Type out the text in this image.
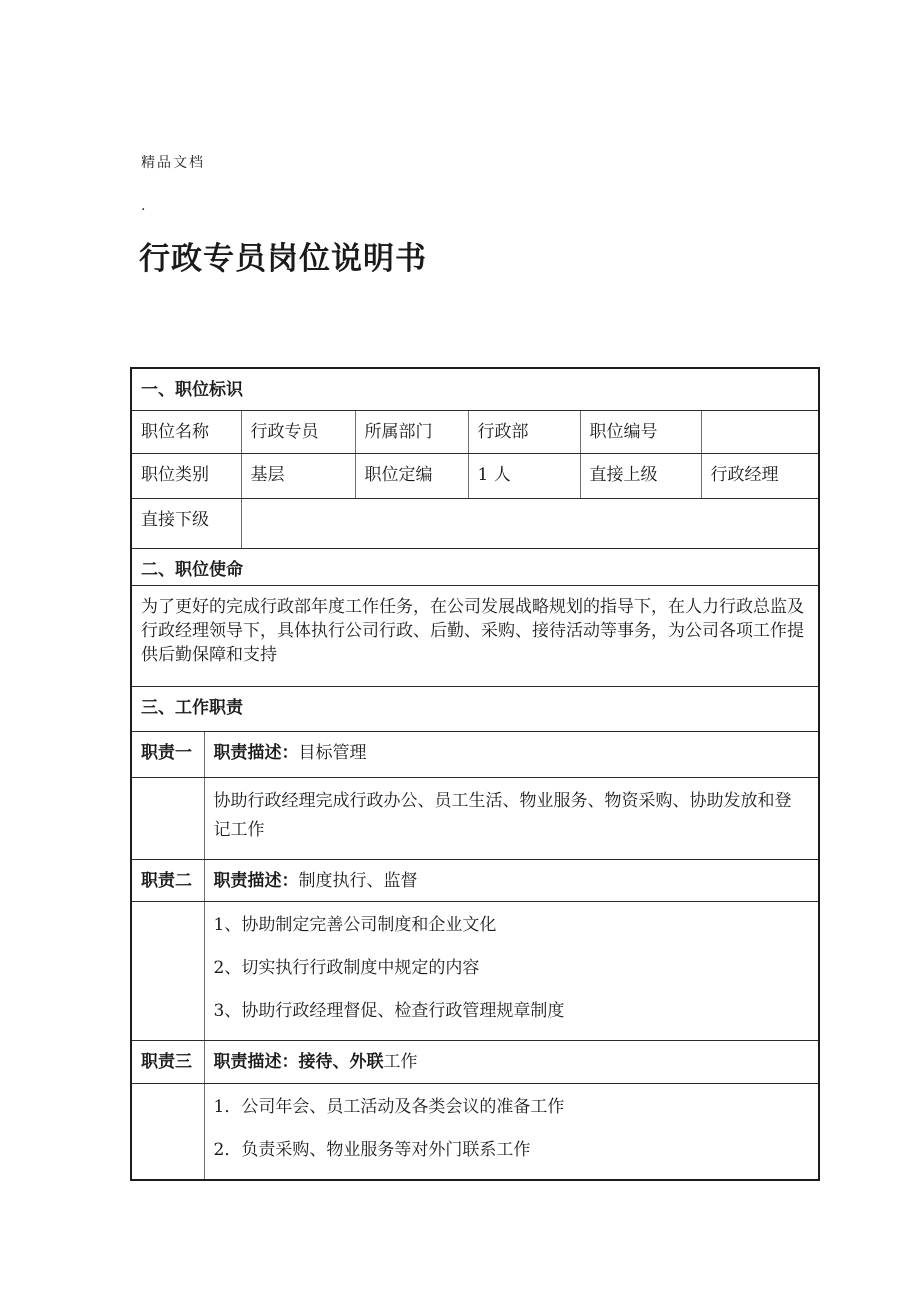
精品文档

.

行政专员岗位说明书
一、职位标识						
职位名称		行政专员	所属部门	行政部	职位编号	
职位类别		基层	职位定编	1 人	直接上级	行政经理
直接下级						
二、职位使命						
为了更好的完成行政部年度工作任务，在公司发展战略规划的指导下，在人力行政总监及行政经理领导下，具体执行公司行政、后勤、采购、接待活动等事务，为公司各项工作提供后勤保障和支持						
三、工作职责						
职责一	职责描述：目标管理					

	协助行政经理完成行政办公、员工生活、物业服务、物资采购、协助发放和登记工作					

职责二	职责描述：制度执行、监督					

	1、协助制定完善公司制度和企业文化

2、切实执行行政制度中规定的内容

3、协助行政经理督促、检查行政管理规章制度					

职责三	职责描述：接待、外联工作					

	1．公司年会、员工活动及各类会议的准备工作

2．负责采购、物业服务等对外门联系工作					
